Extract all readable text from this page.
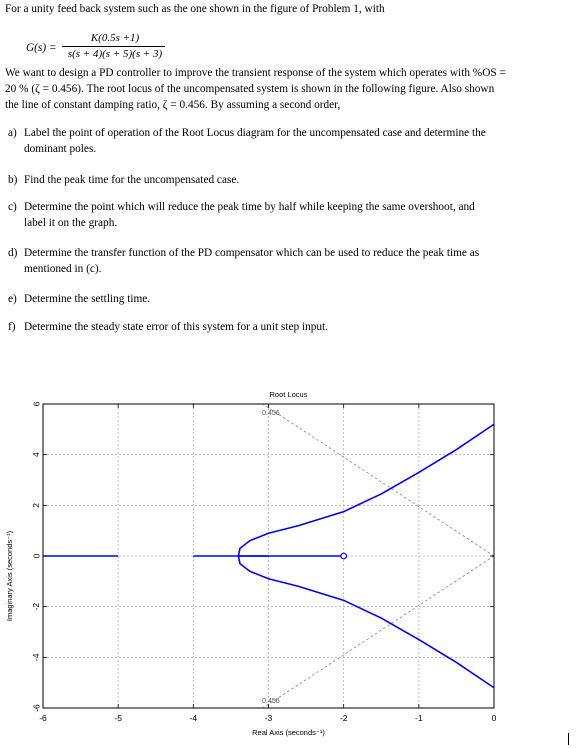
For a unity feed back system such as the one shown in the figure of Problem 1, with
G(s) =
K(0.5s +1)
s(s + 4)(s + 5)(s + 3)
We want to design a PD controller to improve the transient response of the system which operates with %OS =
20 % (ζ = 0.456). The root locus of the uncompensated system is shown in the following figure. Also shown
the line of constant damping ratio, ζ = 0.456. By assuming a second order,
a) Label the point of operation of the Root Locus diagram for the uncompensated case and determine the
dominant poles.
b) Find the peak time for the uncompensated case.
c) Determine the point which will reduce the peak time by half while keeping the same overshoot, and
label it on the graph.
d) Determine the transfer function of the PD compensator which can be used to reduce the peak time as
mentioned in (c).
e) Determine the settling time.
f) Determine the steady state error of this system for a unit step input.
-6	-5	-4	-3	-2	-1	0
-6
-4
-2
0
2
4
6
Root Locus
Real Axis (seconds⁻¹)
Imaginary Axis (seconds⁻¹)
0.456
0.456
